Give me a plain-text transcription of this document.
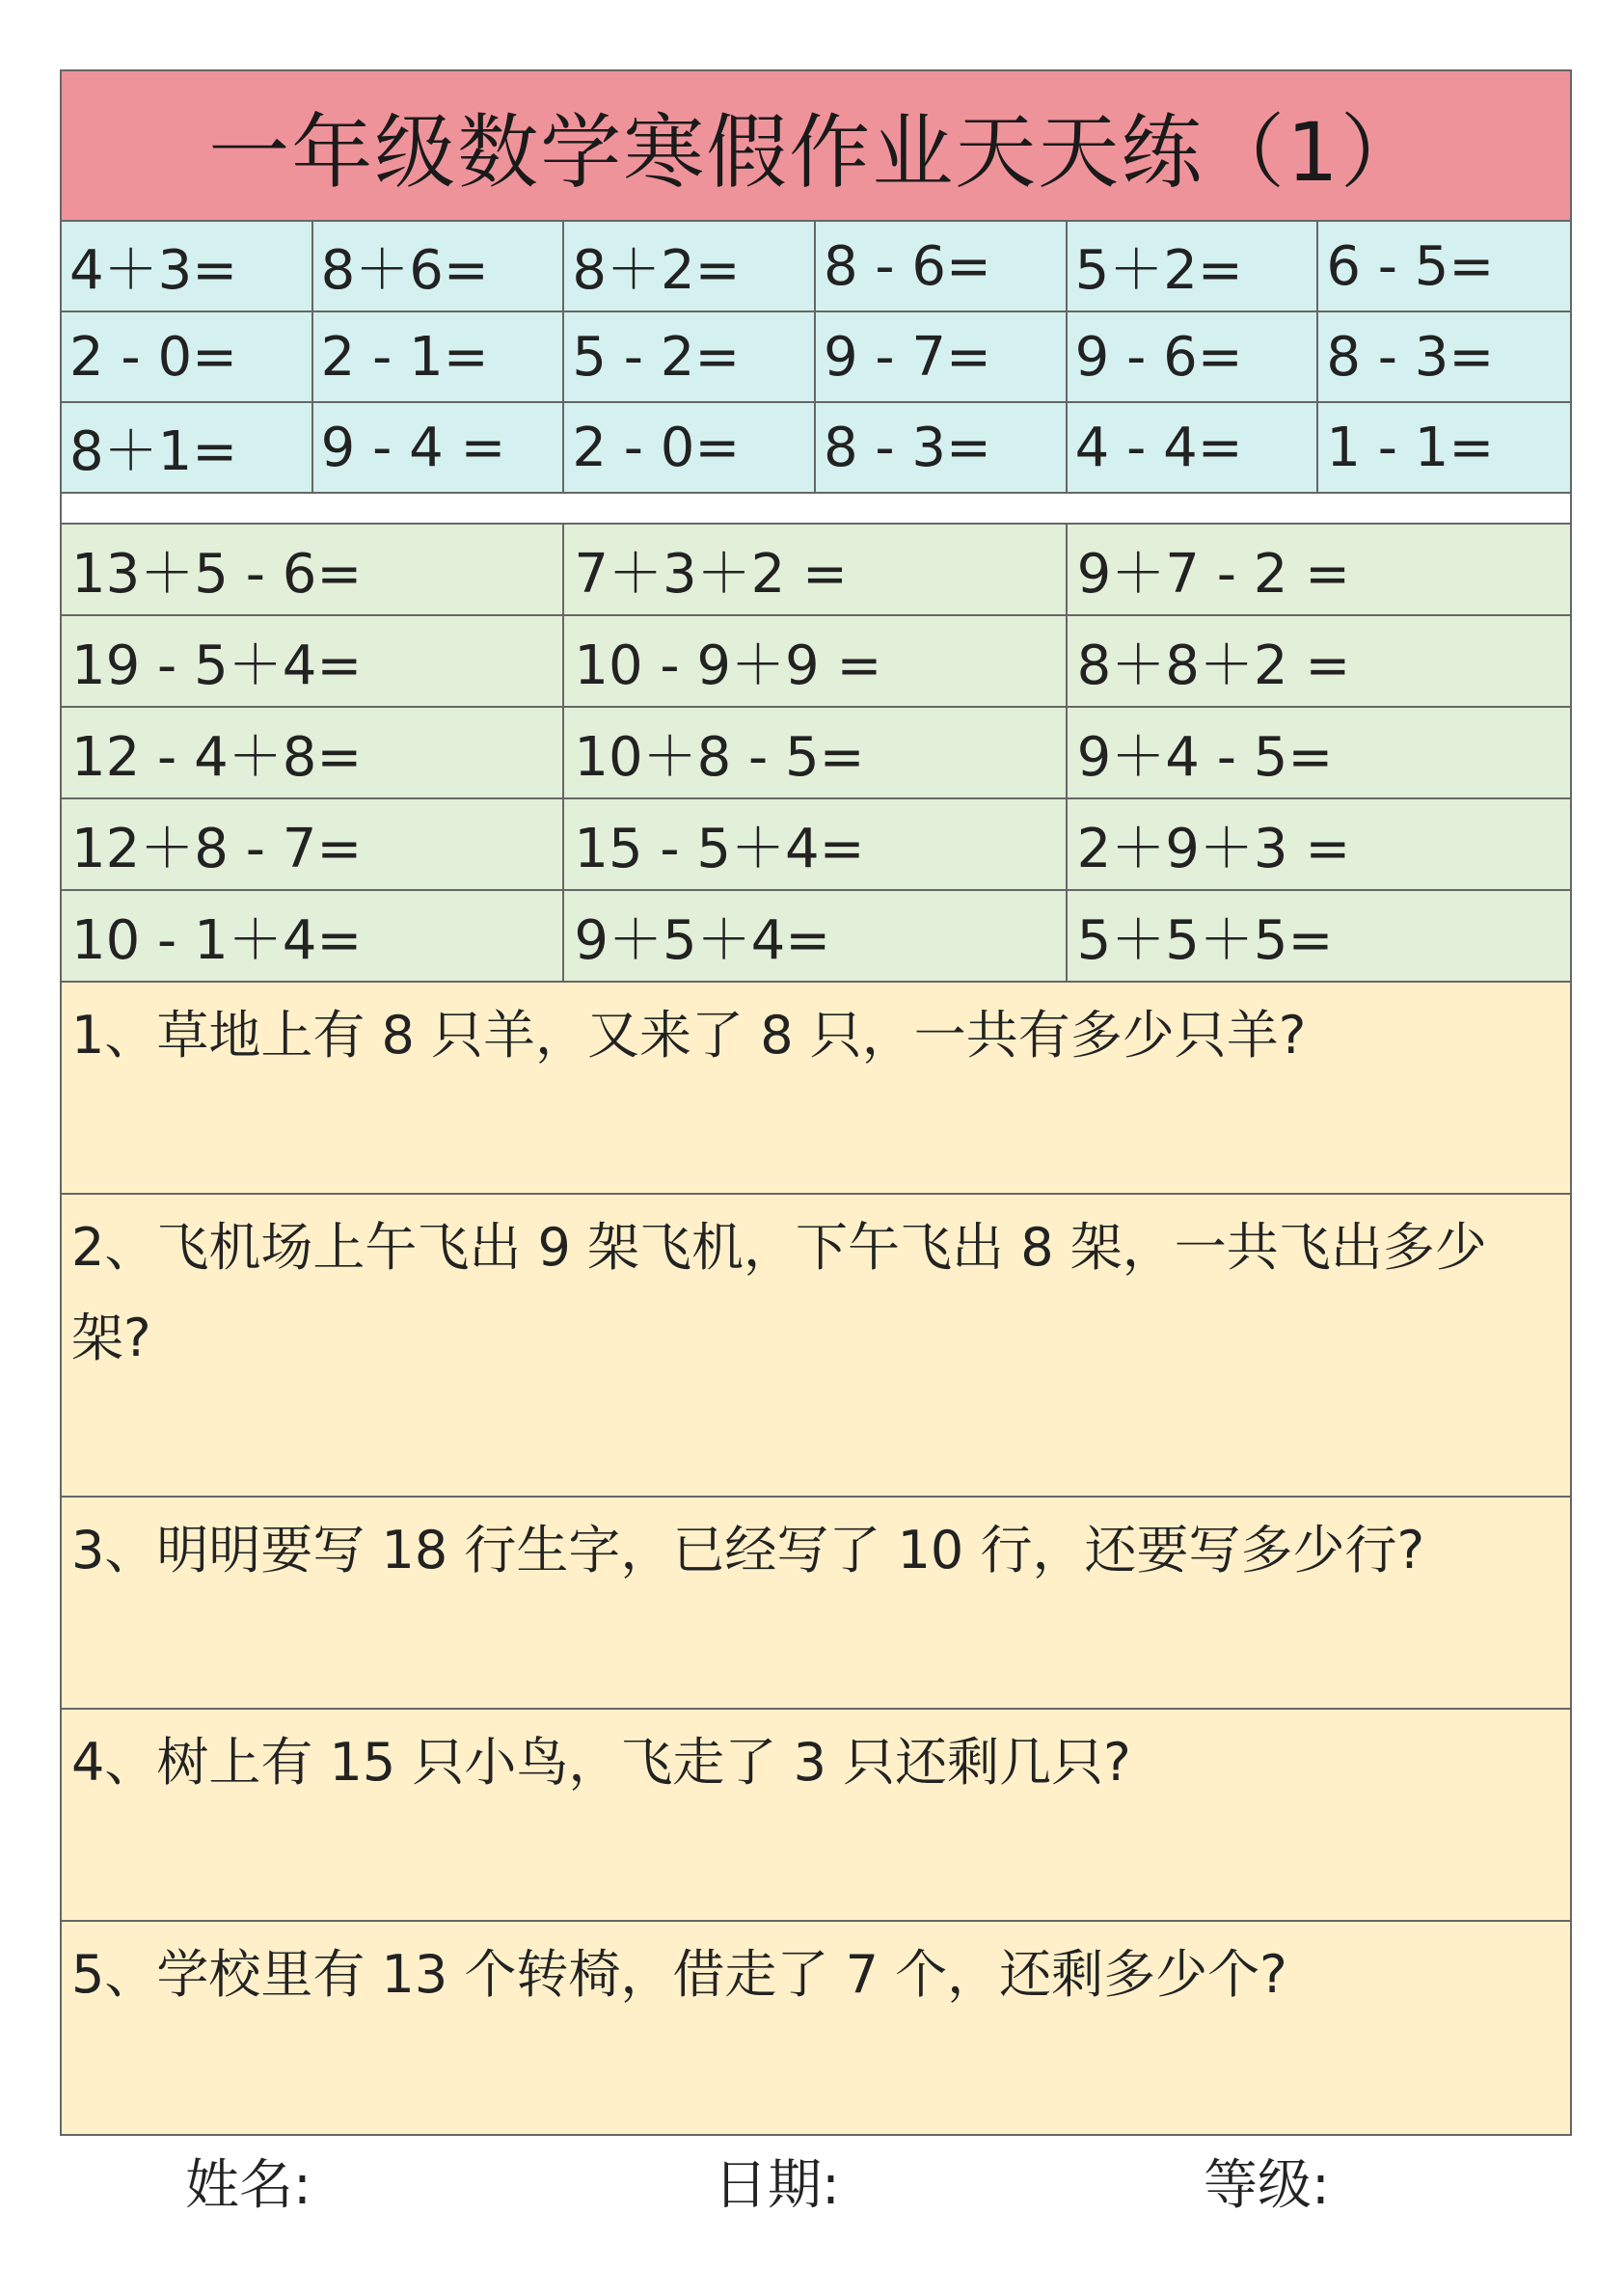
一年级数学寒假作业天天练（1）
4＋3=	8＋6=	8＋2=	8 - 6=	5＋2=	6 - 5=
2 - 0=	2 - 1=	5 - 2=	9 - 7=	9 - 6=	8 - 3=
8＋1=	9 - 4 =	2 - 0=	8 - 3=	4 - 4=	1 - 1=
13＋5 - 6=	7＋3＋2 =	9＋7 - 2 =
19 - 5＋4=	10 - 9＋9 =	8＋8＋2 =
12 - 4＋8=	10＋8 - 5=	9＋4 - 5=
12＋8 - 7=	15 - 5＋4=	2＋9＋3 =
10 - 1＋4=	9＋5＋4=	5＋5＋5=
1、草地上有 8 只羊，又来了 8 只，一共有多少只羊?
2、飞机场上午飞出 9 架飞机，下午飞出 8 架，一共飞出多少架?
3、明明要写 18 行生字，已经写了 10 行，还要写多少行?
4、树上有 15 只小鸟，飞走了 3 只还剩几只?
5、学校里有 13 个转椅，借走了 7 个，还剩多少个?
姓名:	日期:	等级:
